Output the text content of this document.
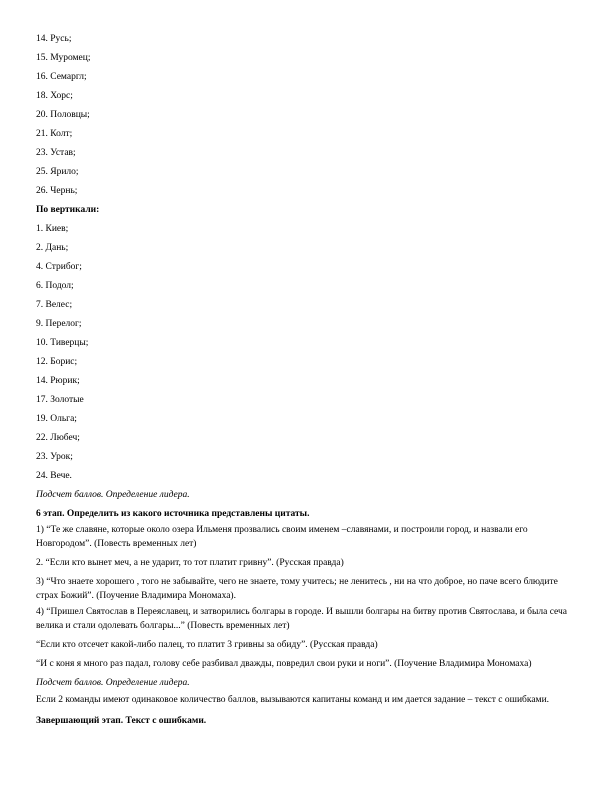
14. Русь;
15. Муромец;
16. Семаргл;
18. Хорс;
20. Половцы;
21. Колт;
23. Устав;
25. Ярило;
26. Чернь;
По вертикали:
1. Киев;
2. Дань;
4. Стрибог;
6. Подол;
7. Велес;
9. Перелог;
10. Тиверцы;
12. Борис;
14. Рюрик;
17. Золотые
19. Ольга;
22. Любеч;
23. Урок;
24. Вече.
Подсчет баллов. Определение лидера.
6 этап. Определить из какого источника представлены цитаты.
1) “Те же славяне, которые около озера Ильменя прозвались своим именем –славянами, и построили город, и назвали его Новгородом”. (Повесть временных лет)
2. “Если кто вынет меч, а не ударит, то тот платит гривну”. (Русская правда)
3) “Что знаете хорошего , того не забывайте, чего не знаете, тому учитесь; не ленитесь , ни на что доброе, но паче всего блюдите страх Божий”. (Поучение Владимира Мономаха).
4) “Пришел Святослав в Переяславец, и затворились болгары в городе. И вышли болгары на битву против Святослава, и была сеча велика и стали одолевать болгары...” (Повесть временных лет)
“Если кто отсечет какой-либо палец, то платит 3 гривны за обиду”. (Русская правда)
“И с коня я много раз падал, голову себе разбивал дважды, повредил свои руки и ноги”. (Поучение Владимира Мономаха)
Подсчет баллов. Определение лидера.
Если 2 команды имеют одинаковое количество баллов, вызываются капитаны команд и им дается задание – текст с ошибками.
Завершающий этап. Текст с ошибками.
